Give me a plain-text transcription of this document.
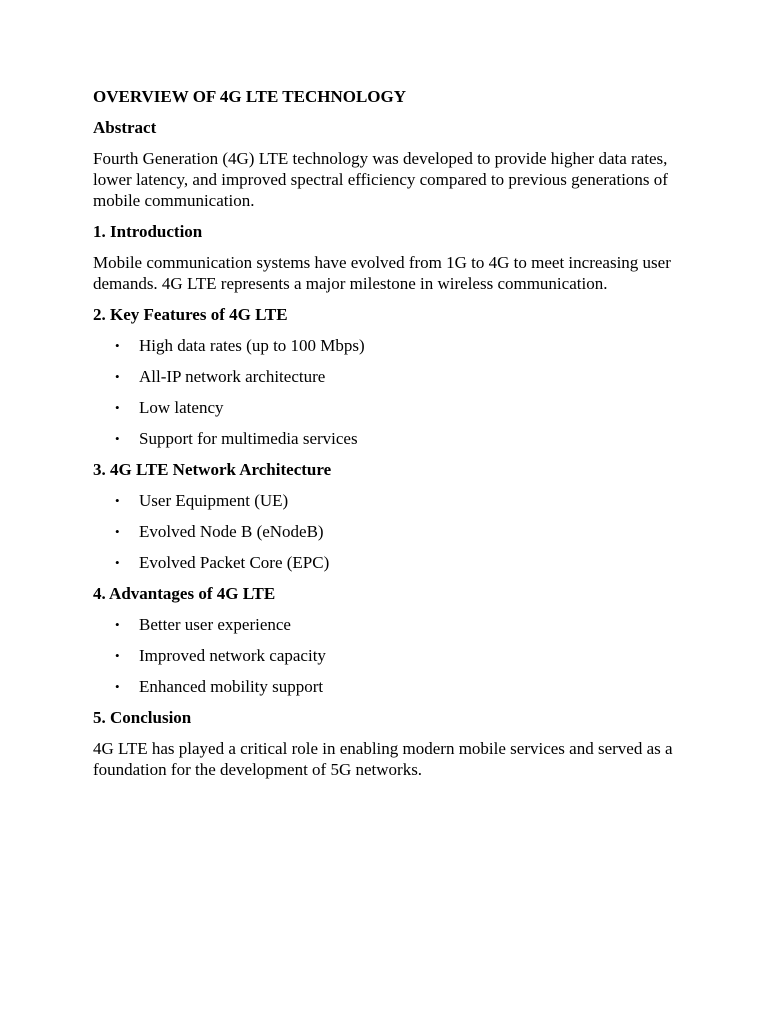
OVERVIEW OF 4G LTE TECHNOLOGY
Abstract

Fourth Generation (4G) LTE technology was developed to provide higher data rates, lower latency, and improved spectral efficiency compared to previous generations of mobile communication.

1. Introduction

Mobile communication systems have evolved from 1G to 4G to meet increasing user demands. 4G LTE represents a major milestone in wireless communication.

2. Key Features of 4G LTE
• High data rates (up to 100 Mbps)
• All-IP network architecture
• Low latency
• Support for multimedia services
3. 4G LTE Network Architecture
• User Equipment (UE)
• Evolved Node B (eNodeB)
• Evolved Packet Core (EPC)
4. Advantages of 4G LTE
• Better user experience
• Improved network capacity
• Enhanced mobility support
5. Conclusion

4G LTE has played a critical role in enabling modern mobile services and served as a foundation for the development of 5G networks.
